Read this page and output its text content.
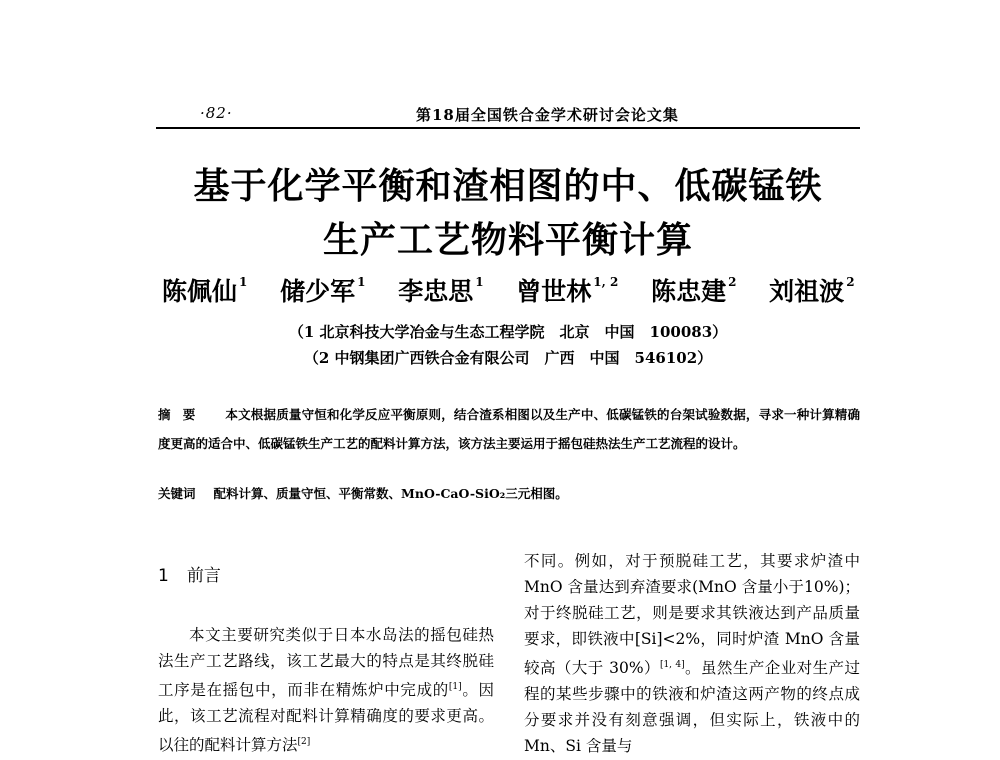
·82·	第18届全国铁合金学术研讨会论文集
基于化学平衡和渣相图的中、低碳锰铁
生产工艺物料平衡计算
陈佩仙 $^1$ 储少军 $^1$ 李忠思 $^1$ 曾世林 $^{1, 2}$ 陈忠建 $^2$ 刘祖波 $^2$
（1 北京科技大学冶金与生态工程学院　北京　中国　100083）
（2 中钢集团广西铁合金有限公司　广西　中国　546102）
摘要 本文根据质量守恒和化学反应平衡原则，结合渣系相图以及生产中、低碳锰铁的台架试验数据，寻求一种计算精确度更高的适合中、低碳锰铁生产工艺的配料计算方法，该方法主要运用于摇包硅热法生产工艺流程的设计。
关键词 配料计算、质量守恒、平衡常数、MnO-CaO-SiO₂三元相图。
1 前言
本文主要研究类似于日本水岛法的摇包硅热法生产工艺路线，该工艺最大的特点是其终脱硅工序是在摇包中，而非在精炼炉中完成的[1]。因此，该工艺流程对配料计算精确度的要求更高。以往的配料计算方法[2]
不同。例如，对于预脱硅工艺，其要求炉渣中 MnO 含量达到弃渣要求(MnO 含量小于10%)；对于终脱硅工艺，则是要求其铁液达到产品质量要求，即铁液中[Si]<2%，同时炉渣 MnO 含量较高（大于 30%）[1, 4]。虽然生产企业对生产过程的某些步骤中的铁液和炉渣这两产物的终点成分要求并没有刻意强调，但实际上，铁液中的 Mn、Si 含量与
